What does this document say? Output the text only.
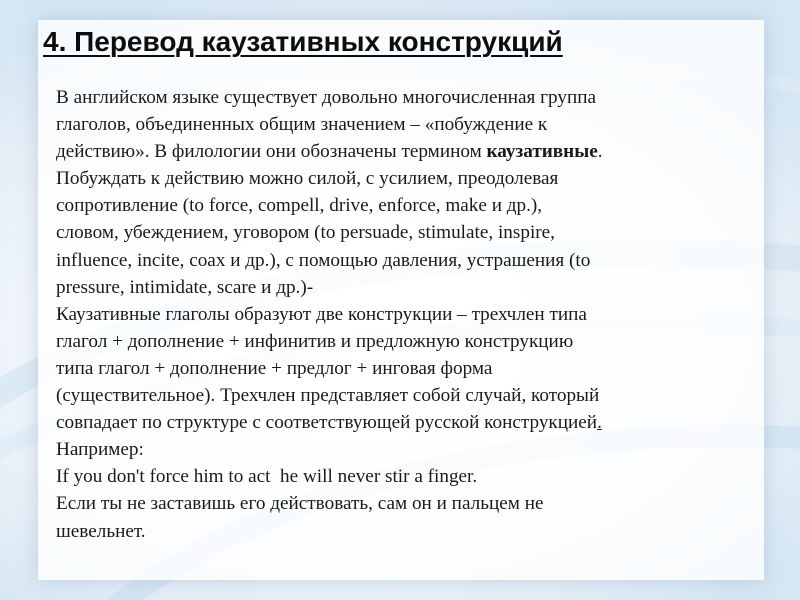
4. Перевод каузативных конструкций

В английском языке существует довольно многочисленная группа

глаголов, объединенных общим значением – «побуждение к

действию». В филологии они обозначены термином каузативные.

Побуждать к действию можно силой, с усилием, преодолевая

сопротивление (to force, compell, drive, enforce, make и др.),

словом, убеждением, уговором (to persuade, stimulate, inspire,

influence, incite, coax и др.), с помощью давления, устрашения (to

pressure, intimidate, scare и др.)-

Каузативные глаголы образуют две конструкции – трехчлен типа

глагол + дополнение + инфинитив и предложную конструкцию

типа глагол + дополнение + предлог + инговая форма

(существительное). Трехчлен представляет собой случай, который

совпадает по структуре с соответствующей русской конструкцией.

Например:

If you don't force him to act  he will never stir a finger.

Если ты не заставишь его действовать, сам он и пальцем не

шевельнет.
